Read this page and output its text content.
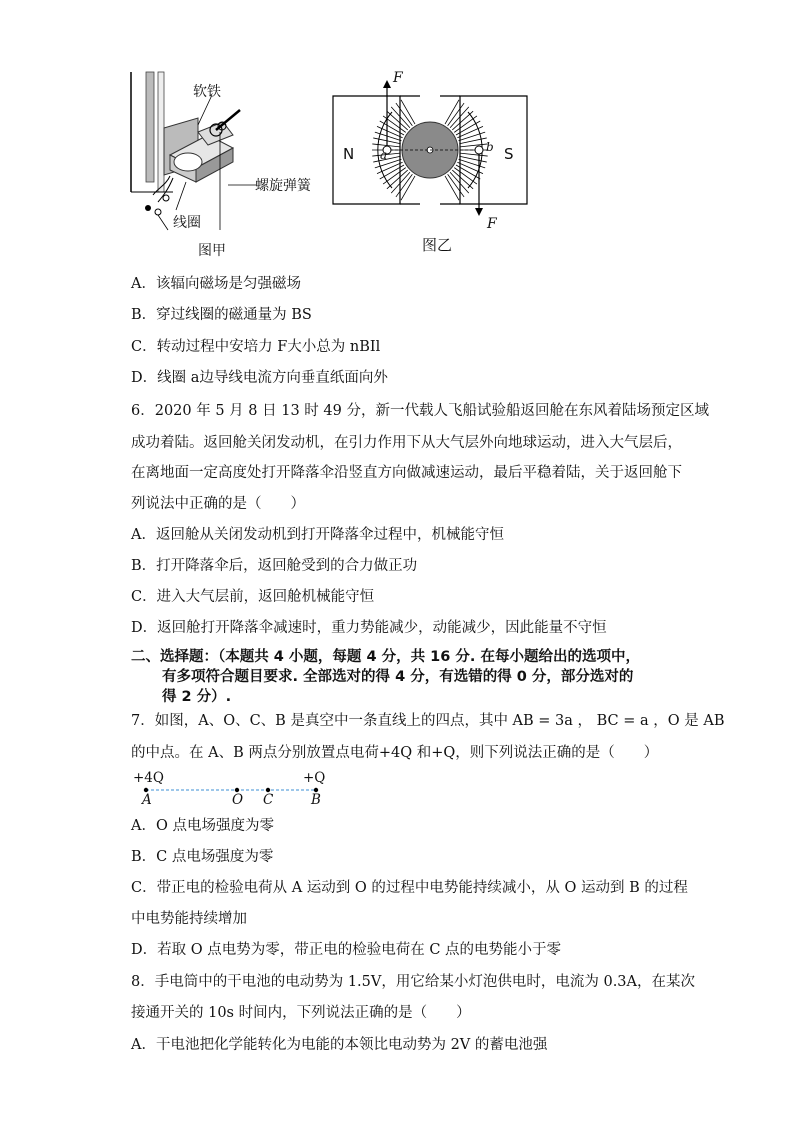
软铁
螺旋弹簧
线圈
图甲
F
N	S
a
b
F
图乙
A．该辐向磁场是匀强磁场
B．穿过线圈的磁通量为 BS
C．转动过程中安培力 F大小总为 nBIl
D．线圈 a边导线电流方向垂直纸面向外
6．2020 年 5 月 8 日 13 时 49 分，新一代载人飞船试验船返回舱在东风着陆场预定区域
成功着陆。返回舱关闭发动机，在引力作用下从大气层外向地球运动，进入大气层后，
在离地面一定高度处打开降落伞沿竖直方向做减速运动，最后平稳着陆，关于返回舱下
列说法中正确的是（　　）
A．返回舱从关闭发动机到打开降落伞过程中，机械能守恒
B．打开降落伞后，返回舱受到的合力做正功
C．进入大气层前，返回舱机械能守恒
D．返回舱打开降落伞减速时，重力势能减少，动能减少，因此能量不守恒
二、选择题：（本题共 4 小题，每题 4 分，共 16 分. 在每小题给出的选项中，
有多项符合题目要求. 全部选对的得 4 分，有选错的得 0 分，部分选对的
得 2 分）.
7．如图，A、O、C、B 是真空中一条直线上的四点，其中 AB = 3a ， BC = a ，O 是 AB
的中点。在 A、B 两点分别放置点电荷+4Q 和+Q，则下列说法正确的是（　　）
+4Q	+Q
A	O C	B
A．O 点电场强度为零
B．C 点电场强度为零
C．带正电的检验电荷从 A 运动到 O 的过程中电势能持续减小，从 O 运动到 B 的过程
中电势能持续增加
D．若取 O 点电势为零，带正电的检验电荷在 C 点的电势能小于零
8．手电筒中的干电池的电动势为 1.5V，用它给某小灯泡供电时，电流为 0.3A，在某次
接通开关的 10s 时间内，下列说法正确的是（　　）
A．干电池把化学能转化为电能的本领比电动势为 2V 的蓄电池强
